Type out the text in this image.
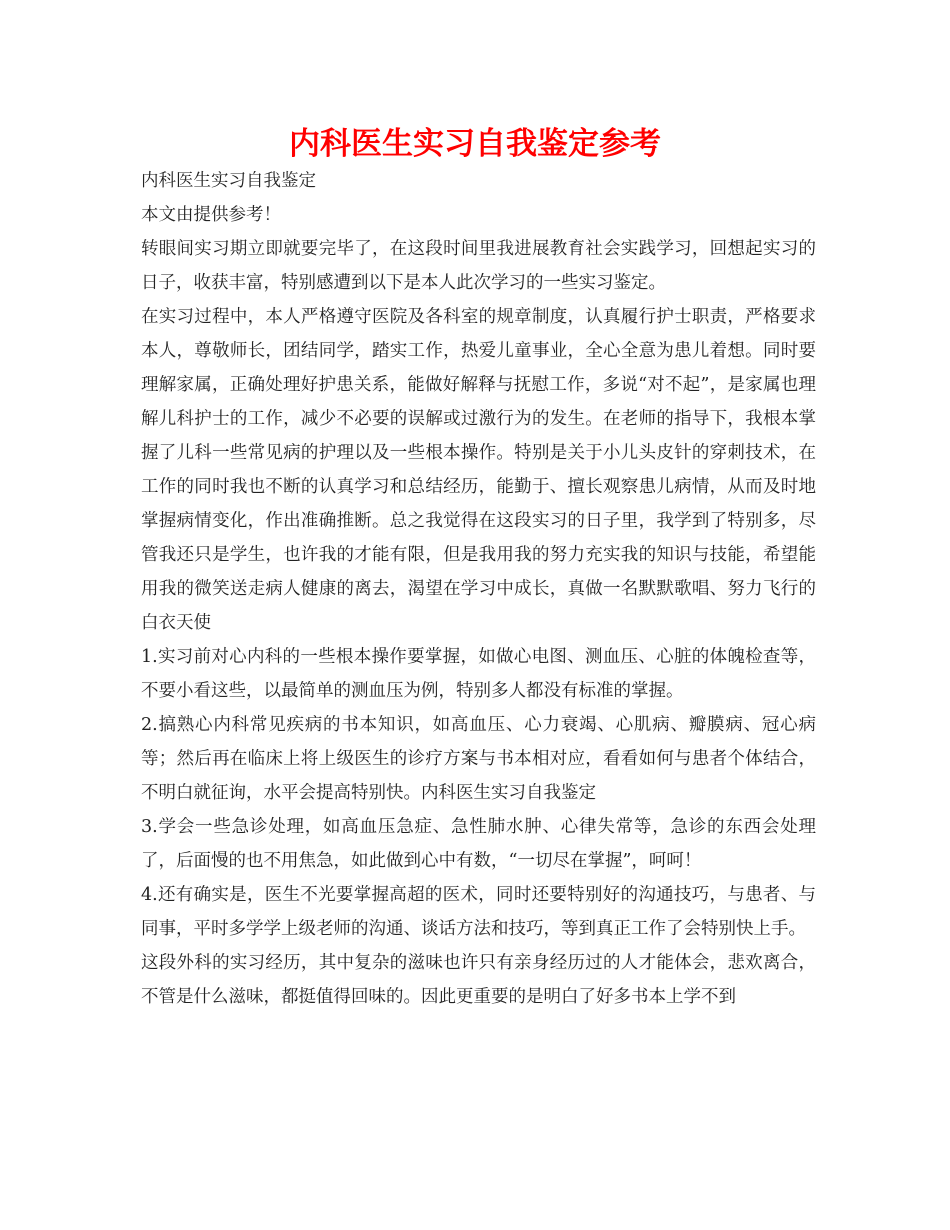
内科医生实习自我鉴定参考

内科医生实习自我鉴定

本文由提供参考！

转眼间实习期立即就要完毕了，在这段时间里我进展教育社会实践学习，回想起实习的日子，收获丰富，特别感遭到以下是本人此次学习的一些实习鉴定。

在实习过程中，本人严格遵守医院及各科室的规章制度，认真履行护士职责，严格要求本人，尊敬师长，团结同学，踏实工作，热爱儿童事业，全心全意为患儿着想。同时要理解家属，正确处理好护患关系，能做好解释与抚慰工作，多说“对不起”，是家属也理解儿科护士的工作，减少不必要的误解或过激行为的发生。在老师的指导下，我根本掌握了儿科一些常见病的护理以及一些根本操作。特别是关于小儿头皮针的穿刺技术，在工作的同时我也不断的认真学习和总结经历，能勤于、擅长观察患儿病情，从而及时地掌握病情变化，作出准确推断。总之我觉得在这段实习的日子里，我学到了特别多，尽管我还只是学生，也许我的才能有限，但是我用我的努力充实我的知识与技能，希望能用我的微笑送走病人健康的离去，渴望在学习中成长，真做一名默默歌唱、努力飞行的白衣天使

1.实习前对心内科的一些根本操作要掌握，如做心电图、测血压、心脏的体魄检查等，不要小看这些，以最简单的测血压为例，特别多人都没有标准的掌握。

2.搞熟心内科常见疾病的书本知识，如高血压、心力衰竭、心肌病、瓣膜病、冠心病等；然后再在临床上将上级医生的诊疗方案与书本相对应，看看如何与患者个体结合，不明白就征询，水平会提高特别快。内科医生实习自我鉴定

3.学会一些急诊处理，如高血压急症、急性肺水肿、心律失常等，急诊的东西会处理了，后面慢的也不用焦急，如此做到心中有数，“一切尽在掌握”，呵呵！

4.还有确实是，医生不光要掌握高超的医术，同时还要特别好的沟通技巧，与患者、与同事，平时多学学上级老师的沟通、谈话方法和技巧，等到真正工作了会特别快上手。

这段外科的实习经历，其中复杂的滋味也许只有亲身经历过的人才能体会，悲欢离合，不管是什么滋味，都挺值得回味的。因此更重要的是明白了好多书本上学不到
